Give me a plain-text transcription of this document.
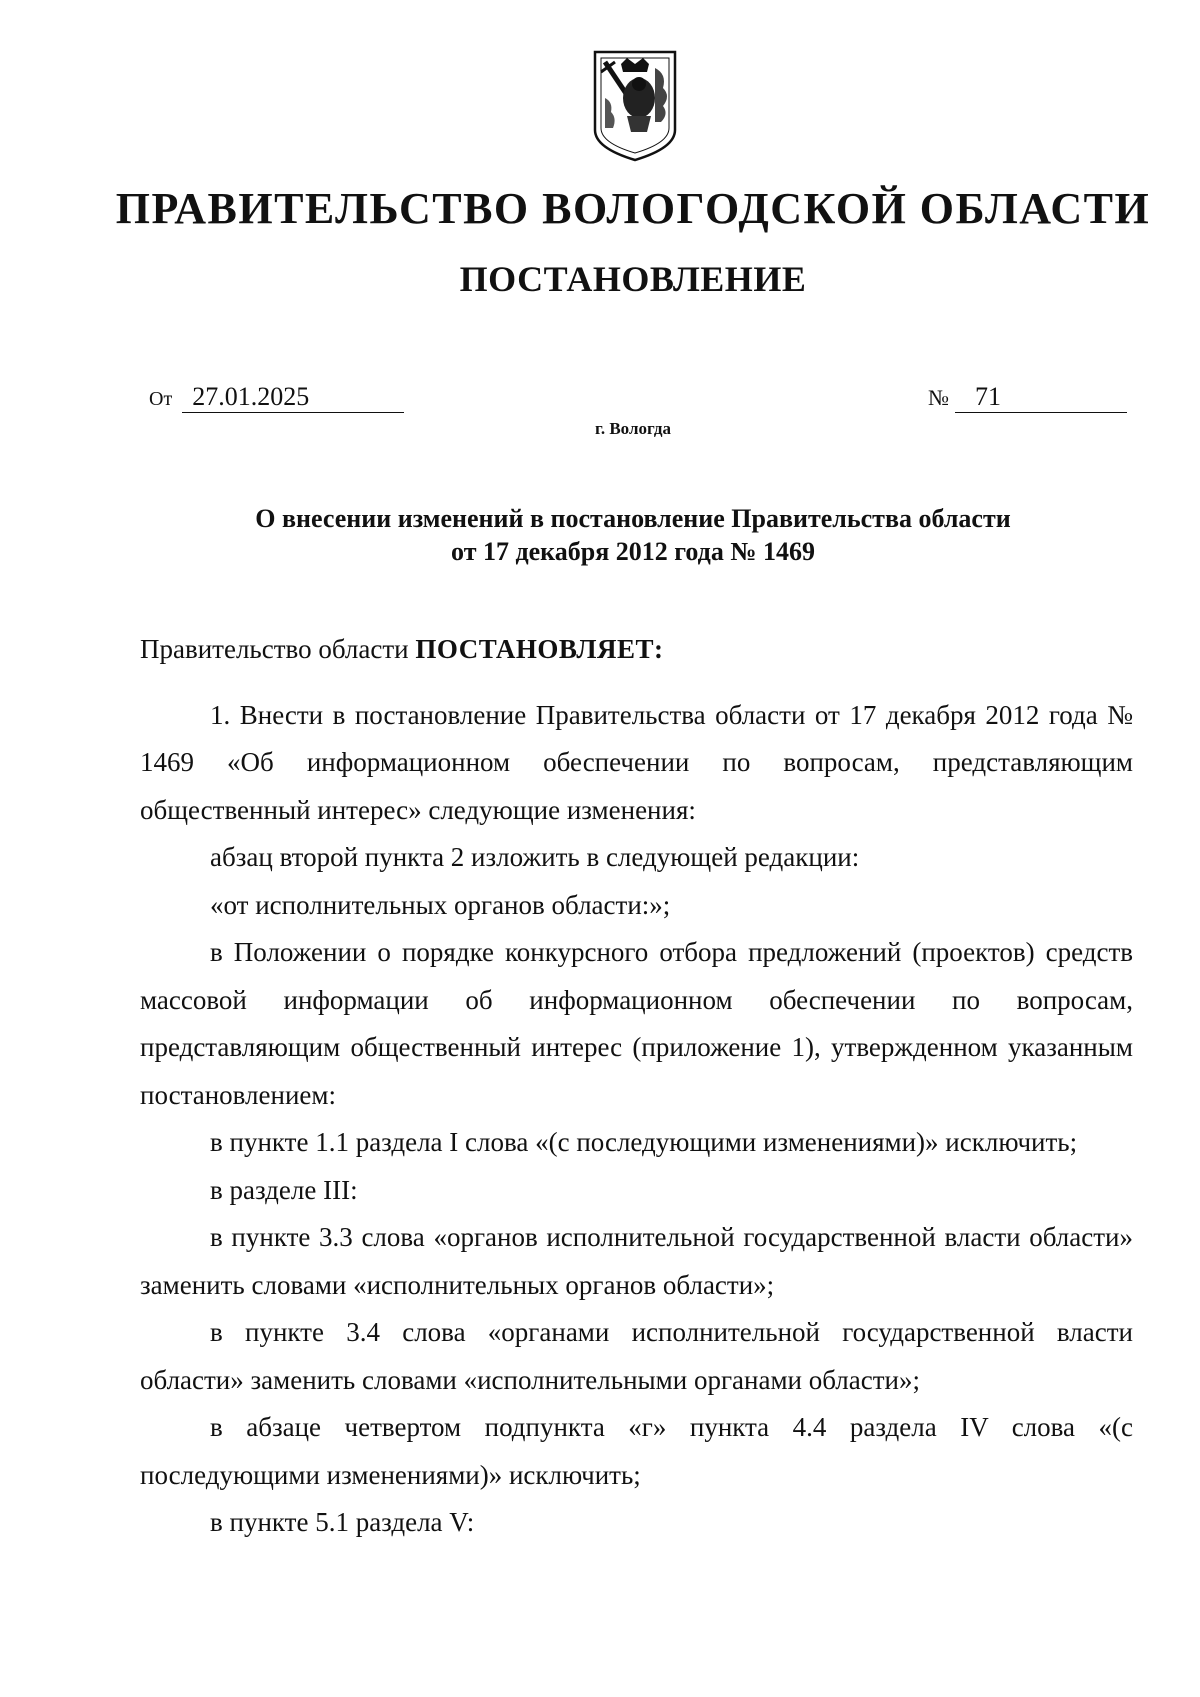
ПРАВИТЕЛЬСТВО ВОЛОГОДСКОЙ ОБЛАСТИ
ПОСТАНОВЛЕНИЕ
От 27.01.2025	№ 71
г. Вологда
О внесении изменений в постановление Правительства области
от 17 декабря 2012 года № 1469

Правительство области ПОСТАНОВЛЯЕТ:

1. Внести в постановление Правительства области от 17 декабря 2012 года № 1469 «Об информационном обеспечении по вопросам, представляющим общественный интерес» следующие изменения:

абзац второй пункта 2 изложить в следующей редакции:

«от исполнительных органов области:»;

в Положении о порядке конкурсного отбора предложений (проектов) средств массовой информации об информационном обеспечении по вопросам, представляющим общественный интерес (приложение 1), утвержденном указанным постановлением:

в пункте 1.1 раздела I слова «(с последующими изменениями)» исключить;

в разделе III:

в пункте 3.3 слова «органов исполнительной государственной власти области» заменить словами «исполнительных органов области»;

в пункте 3.4 слова «органами исполнительной государственной власти области» заменить словами «исполнительными органами области»;

в абзаце четвертом подпункта «г» пункта 4.4 раздела IV слова «(с последующими изменениями)» исключить;

в пункте 5.1 раздела V:
